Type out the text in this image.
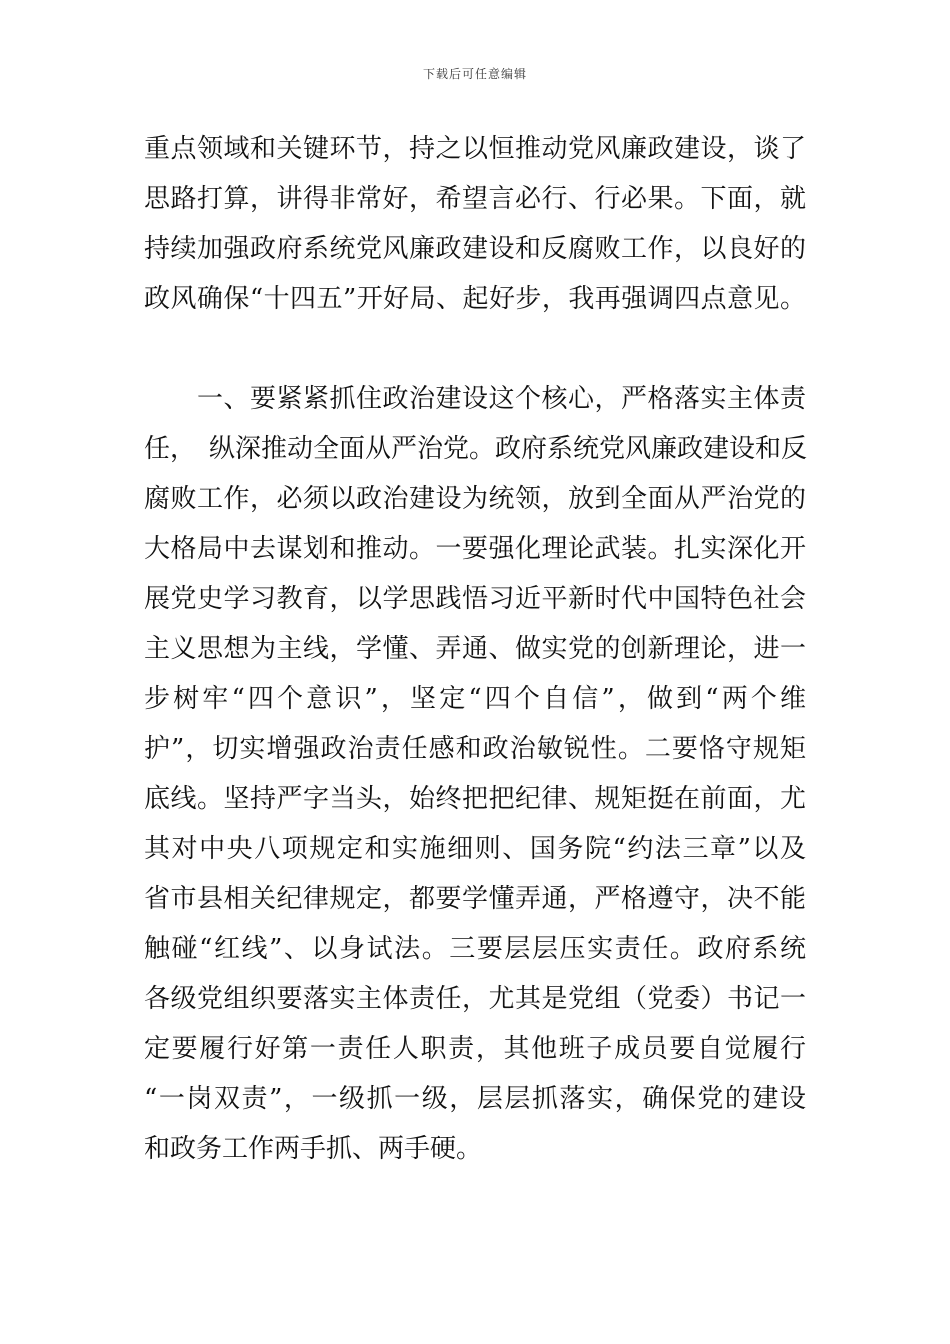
下载后可任意编辑
重点领域和关键环节，持之以恒推动党风廉政建设，谈了
思路打算，讲得非常好，希望言必行、行必果。下面，就
持续加强政府系统党风廉政建设和反腐败工作，以良好的
政风确保“十四五”开好局、起好步，我再强调四点意见。
　　一、要紧紧抓住政治建设这个核心，严格落实主体责
任，　纵深推动全面从严治党。政府系统党风廉政建设和反
腐败工作，必须以政治建设为统领，放到全面从严治党的
大格局中去谋划和推动。一要强化理论武装。扎实深化开
展党史学习教育，以学思践悟习近平新时代中国特色社会
主义思想为主线，学懂、弄通、做实党的创新理论，进一
步树牢“四个意识”，坚定“四个自信”，做到“两个维
护”，切实增强政治责任感和政治敏锐性。二要恪守规矩
底线。坚持严字当头，始终把把纪律、规矩挺在前面，尤
其对中央八项规定和实施细则、国务院“约法三章”以及
省市县相关纪律规定，都要学懂弄通，严格遵守，决不能
触碰“红线”、以身试法。三要层层压实责任。政府系统
各级党组织要落实主体责任，尤其是党组（党委）书记一
定要履行好第一责任人职责，其他班子成员要自觉履行
“一岗双责”，一级抓一级，层层抓落实，确保党的建设
和政务工作两手抓、两手硬。
